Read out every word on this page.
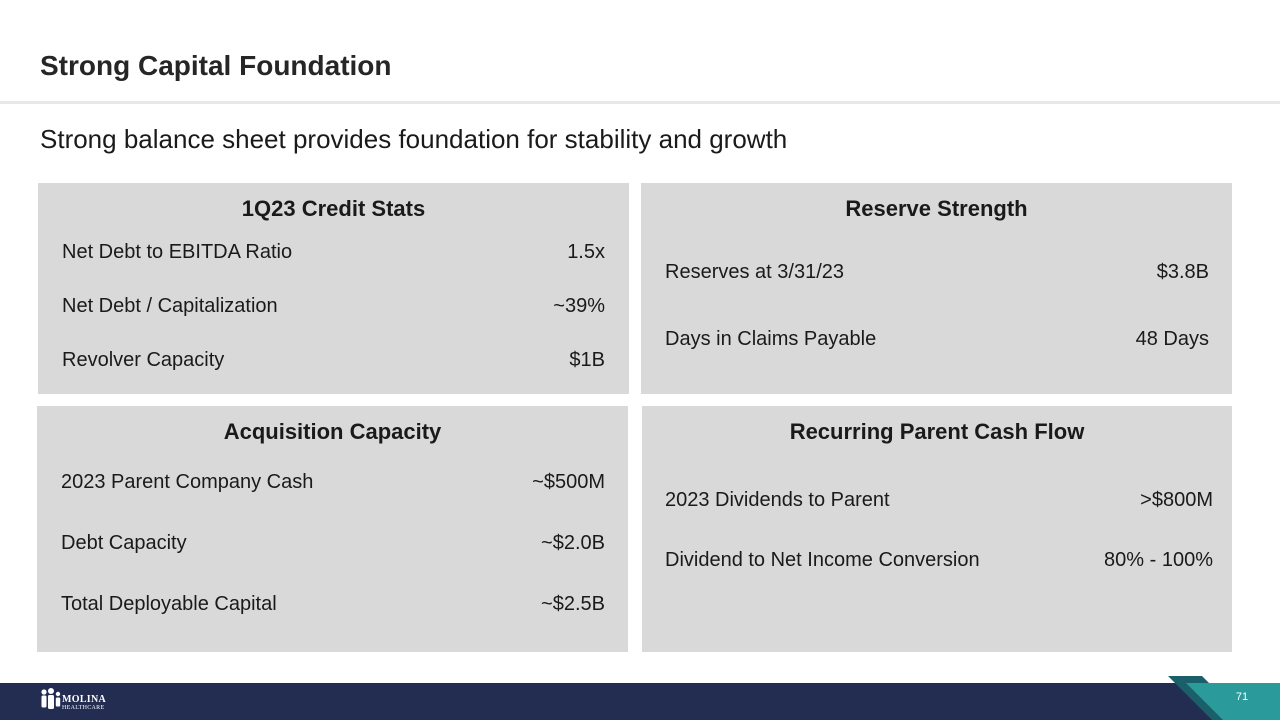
Strong Capital Foundation
Strong balance sheet provides foundation for stability and growth
1Q23 Credit Stats
Net Debt to EBITDA Ratio	1.5x
Net Debt / Capitalization	~39%
Revolver Capacity	$1B
Reserve Strength
Reserves at 3/31/23	$3.8B
Days in Claims Payable	48 Days
Acquisition Capacity
2023 Parent Company Cash	~$500M
Debt Capacity	~$2.0B
Total Deployable Capital	~$2.5B
Recurring Parent Cash Flow
2023 Dividends to Parent	>$800M
Dividend to Net Income Conversion	80% - 100%
MOLINA
HEALTHCARE
71
